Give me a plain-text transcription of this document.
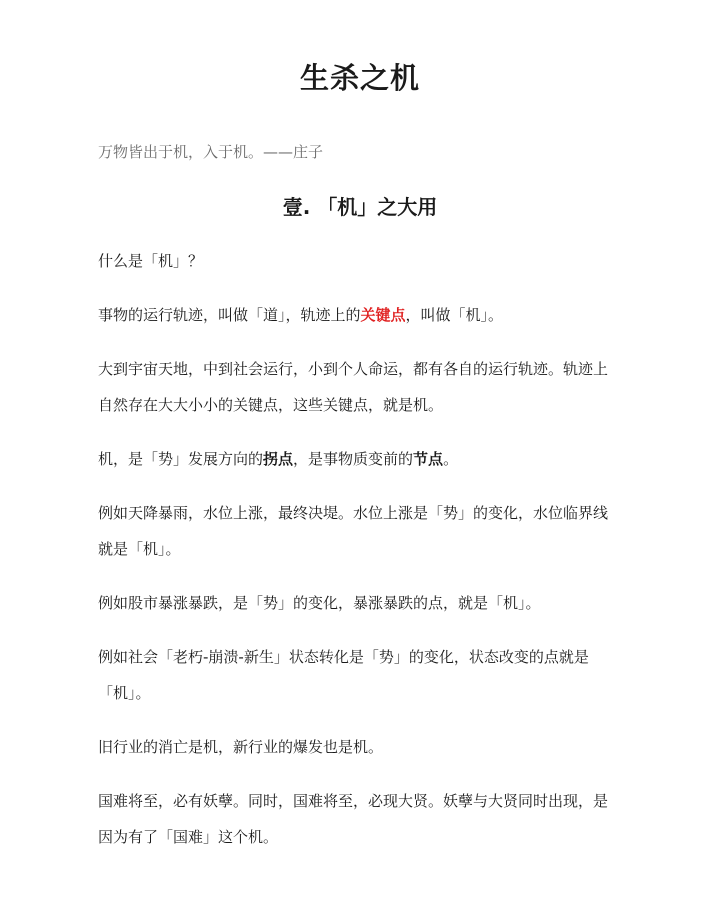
生杀之机

万物皆出于机，入于机。——庄子

壹. 「机」之大用

什么是「机」？

事物的运行轨迹，叫做「道」，轨迹上的关键点，叫做「机」。

大到宇宙天地，中到社会运行，小到个人命运，都有各自的运行轨迹。轨迹上自然存在大大小小的关键点，这些关键点，就是机。

机，是「势」发展方向的拐点，是事物质变前的节点。

例如天降暴雨，水位上涨，最终决堤。水位上涨是「势」的变化，水位临界线就是「机」。

例如股市暴涨暴跌，是「势」的变化，暴涨暴跌的点，就是「机」。

例如社会「老朽-崩溃-新生」状态转化是「势」的变化，状态改变的点就是「机」。

旧行业的消亡是机，新行业的爆发也是机。

国难将至，必有妖孽。同时，国难将至，必现大贤。妖孽与大贤同时出现，是因为有了「国难」这个机。
